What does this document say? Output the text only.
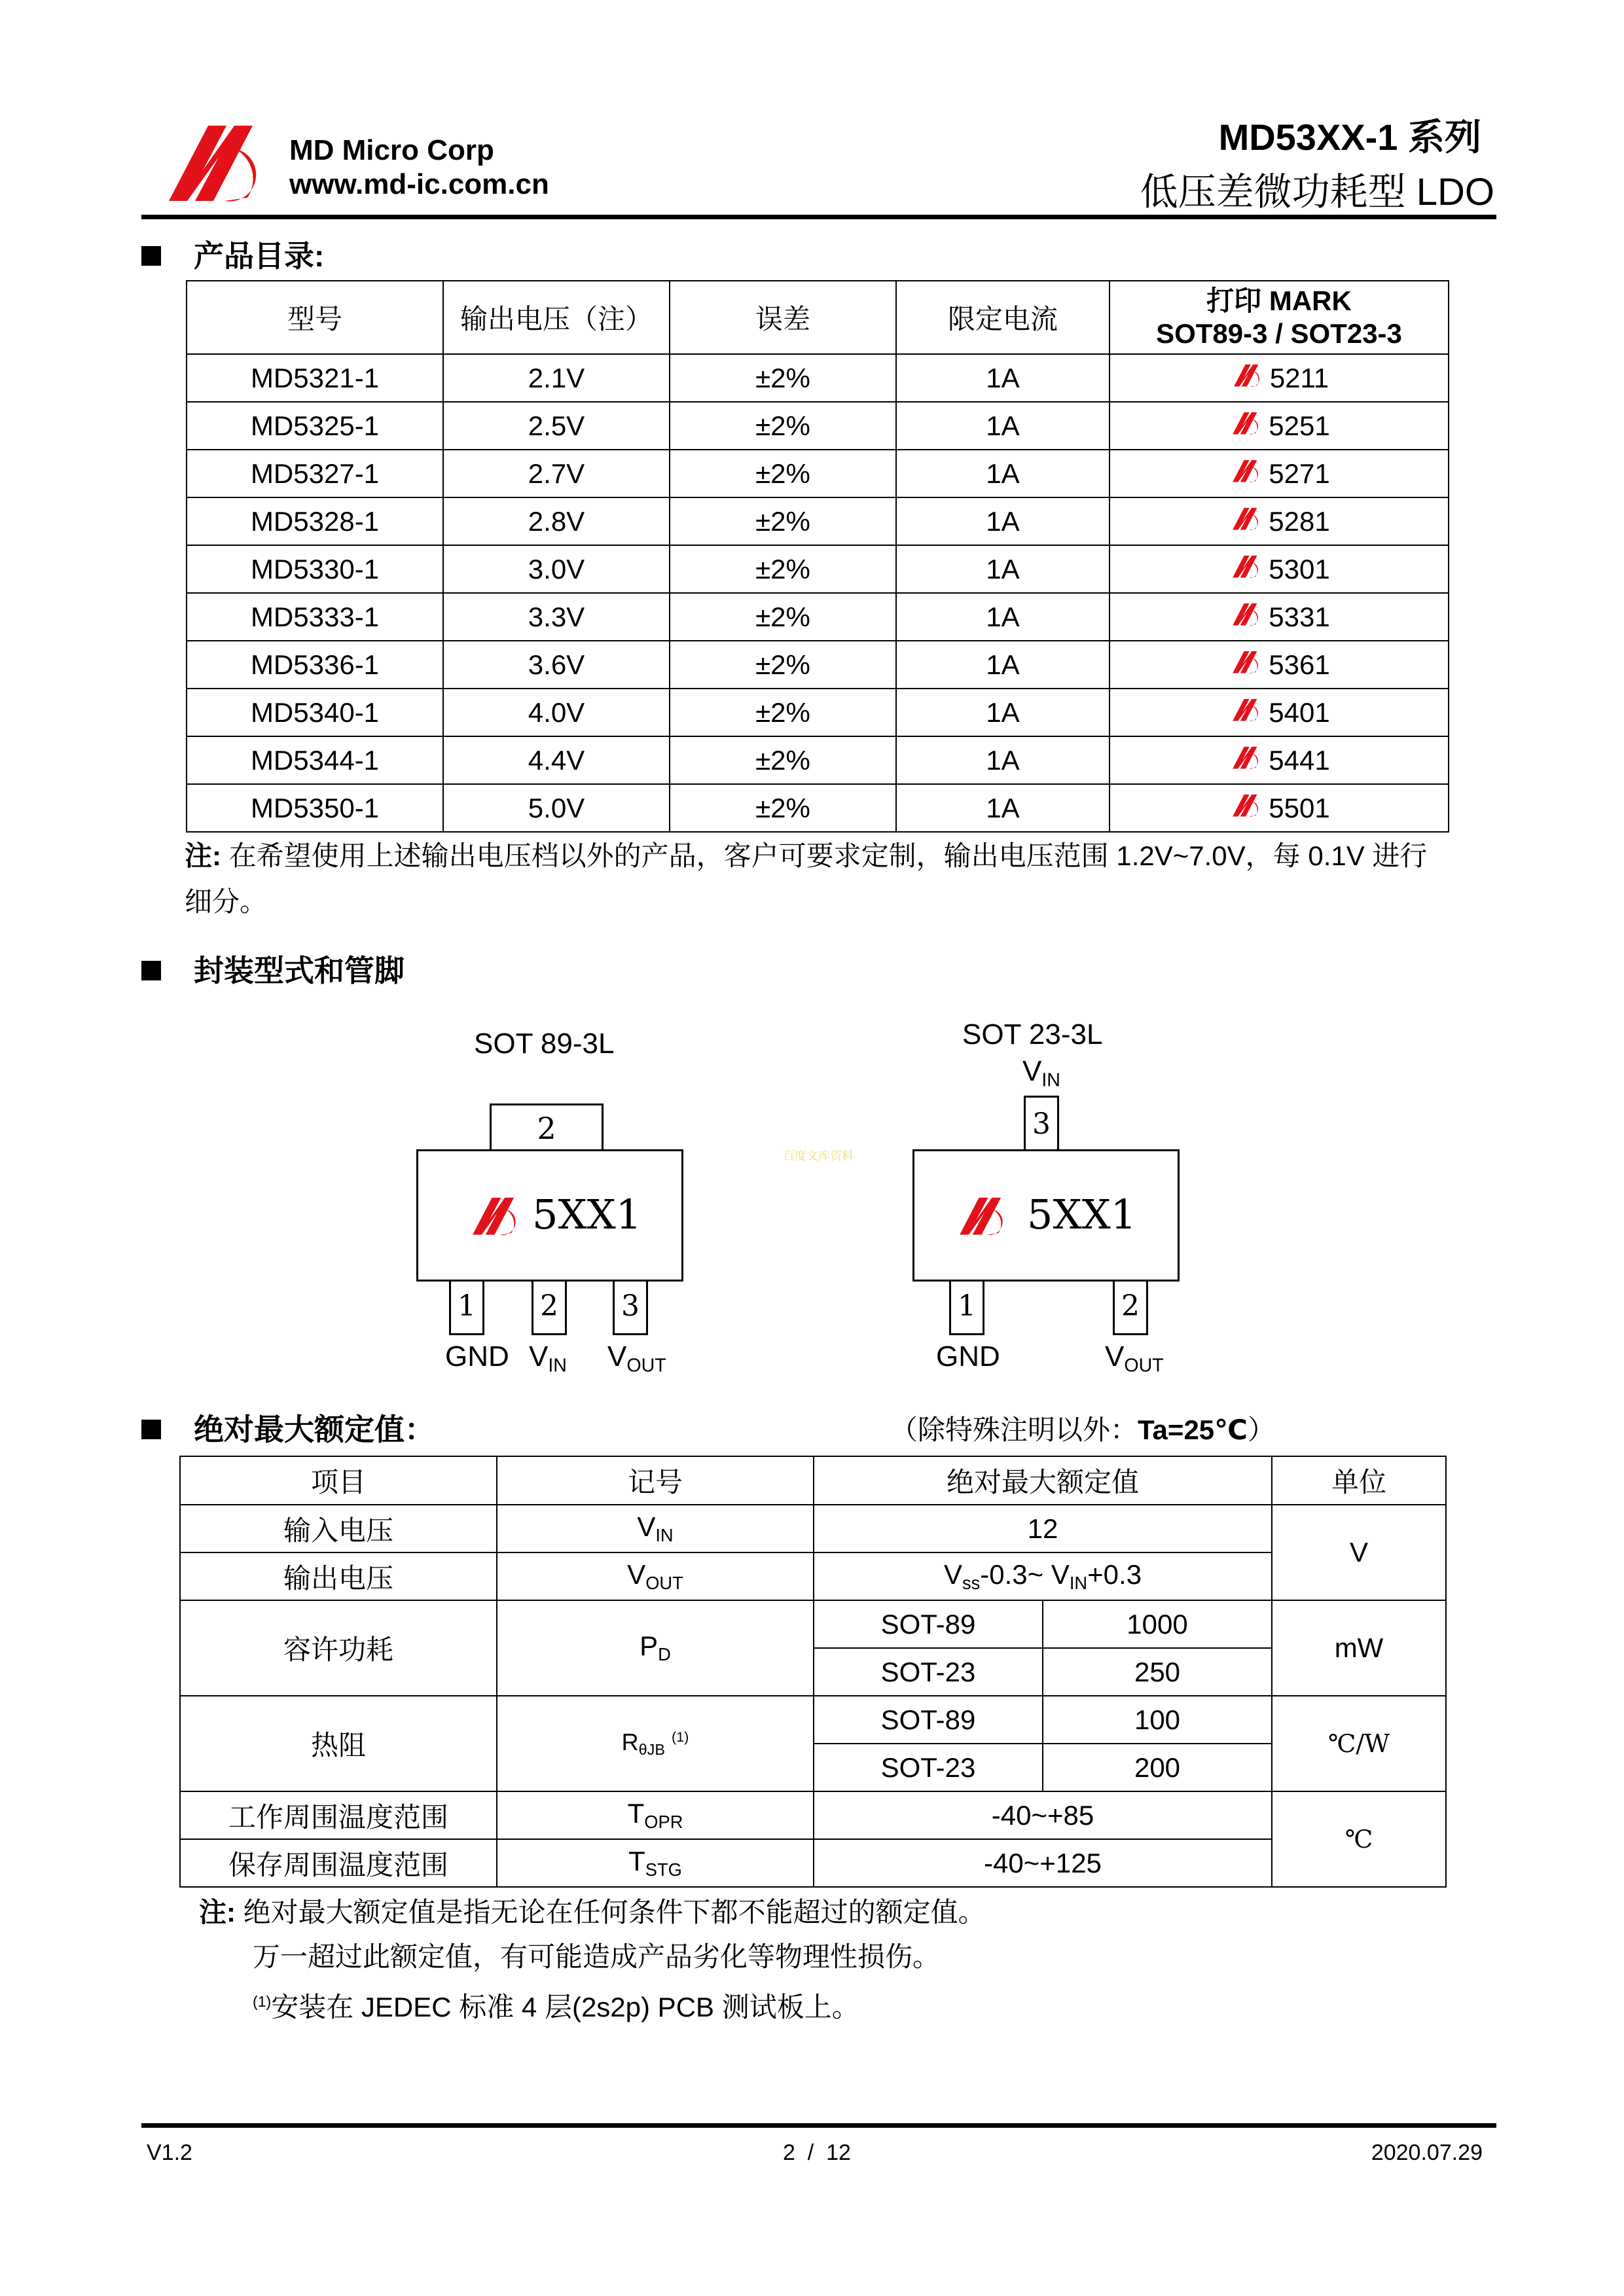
MD Micro Corp
www.md-ic.com.cn
MD53XX-1 系列
低压差微功耗型 LDO
产品目录:
型号	输出电压（注）	误差	限定电流	打印 MARK
SOT89-3 / SOT23-3

MD5321-1	2.1V	±2%	1A	5211

MD5325-1	2.5V	±2%	1A	5251

MD5327-1	2.7V	±2%	1A	5271

MD5328-1	2.8V	±2%	1A	5281

MD5330-1	3.0V	±2%	1A	5301

MD5333-1	3.3V	±2%	1A	5331

MD5336-1	3.6V	±2%	1A	5361

MD5340-1	4.0V	±2%	1A	5401

MD5344-1	4.4V	±2%	1A	5441

MD5350-1	5.0V	±2%	1A	5501
注: 在希望使用上述输出电压档以外的产品，客户可要求定制，输出电压范围 1.2V~7.0V，每 0.1V 进行
细分。
封装型式和管脚
SOT 89-3L
2
5XX1
1 2 3
GND $V_{IN}$ $V_{OUT}$
百度文库资料
SOT 23-3L
$V_{IN}$
3
5XX1
1	2
GND	$V_{OUT}$
绝对最大额定值：	（除特殊注明以外：Ta=25℃）
项目	记号	绝对最大额定值		单位
输入电压	$V_{IN}$	12		V
输出电压	$V_{OUT}$	$V_{ss}-0.3\sim$ $V_{IN}+0.3$		
容许功耗	$P_D$	SOT-89	1000	mW
		SOT-23	250	
热阻	$R_{\theta JB}$ $^{(1)}$	SOT-89	100	℃/W
		SOT-23	200	
工作周围温度范围	$T_{OPR}$	-40~+85		℃
保存周围温度范围	$T_{STG}$	-40~+125		
注: 绝对最大额定值是指无论在任何条件下都不能超过的额定值。
万一超过此额定值，有可能造成产品劣化等物理性损伤。
$^{(1)}$安装在 JEDEC 标准 4 层(2s2p) PCB 测试板上。
V1.2	2  /  12	2020.07.29
